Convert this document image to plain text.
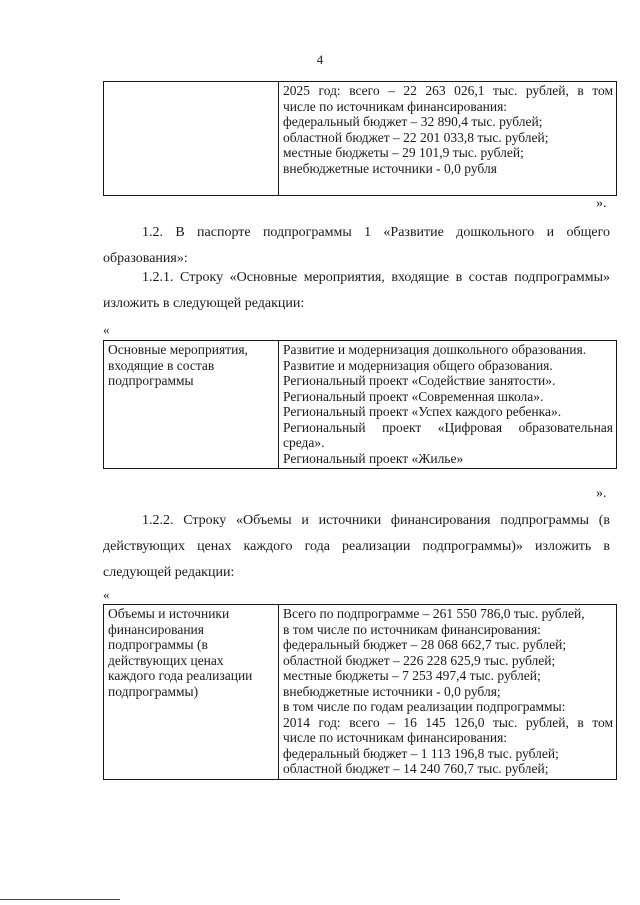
4

2025 год: всего – 22 263 026,1 тыс. рублей, в том
числе по источникам финансирования:
федеральный бюджет – 32 890,4 тыс. рублей;
областной бюджет – 22 201 033,8 тыс. рублей;
местные бюджеты – 29 101,9 тыс. рублей;
внебюджетные источники - 0,0 рубля
».
1.2. В паспорте подпрограммы 1 «Развитие дошкольного и общего
образования»:
1.2.1. Строку «Основные мероприятия, входящие в состав подпрограммы»
изложить в следующей редакции:
«
Основные мероприятия,
входящие в состав
подпрограммы

Развитие и модернизация дошкольного образования.
Развитие и модернизация общего образования.
Региональный проект «Содействие занятости».
Региональный проект «Современная школа».
Региональный проект «Успех каждого ребенка».
Региональный проект «Цифровая образовательная
среда».
Региональный проект «Жилье»
».
1.2.2. Строку «Объемы и источники финансирования подпрограммы (в
действующих ценах каждого года реализации подпрограммы)» изложить в
следующей редакции:
«
Объемы и источники
финансирования
подпрограммы (в
действующих ценах
каждого года реализации
подпрограммы)

Всего по подпрограмме – 261 550 786,0 тыс. рублей,
в том числе по источникам финансирования:
федеральный бюджет – 28 068 662,7 тыс. рублей;
областной бюджет – 226 228 625,9 тыс. рублей;
местные бюджеты – 7 253 497,4 тыс. рублей;
внебюджетные источники - 0,0 рубля;
в том числе по годам реализации подпрограммы:
2014 год: всего – 16 145 126,0 тыс. рублей, в том
числе по источникам финансирования:
федеральный бюджет – 1 113 196,8 тыс. рублей;
областной бюджет – 14 240 760,7 тыс. рублей;
